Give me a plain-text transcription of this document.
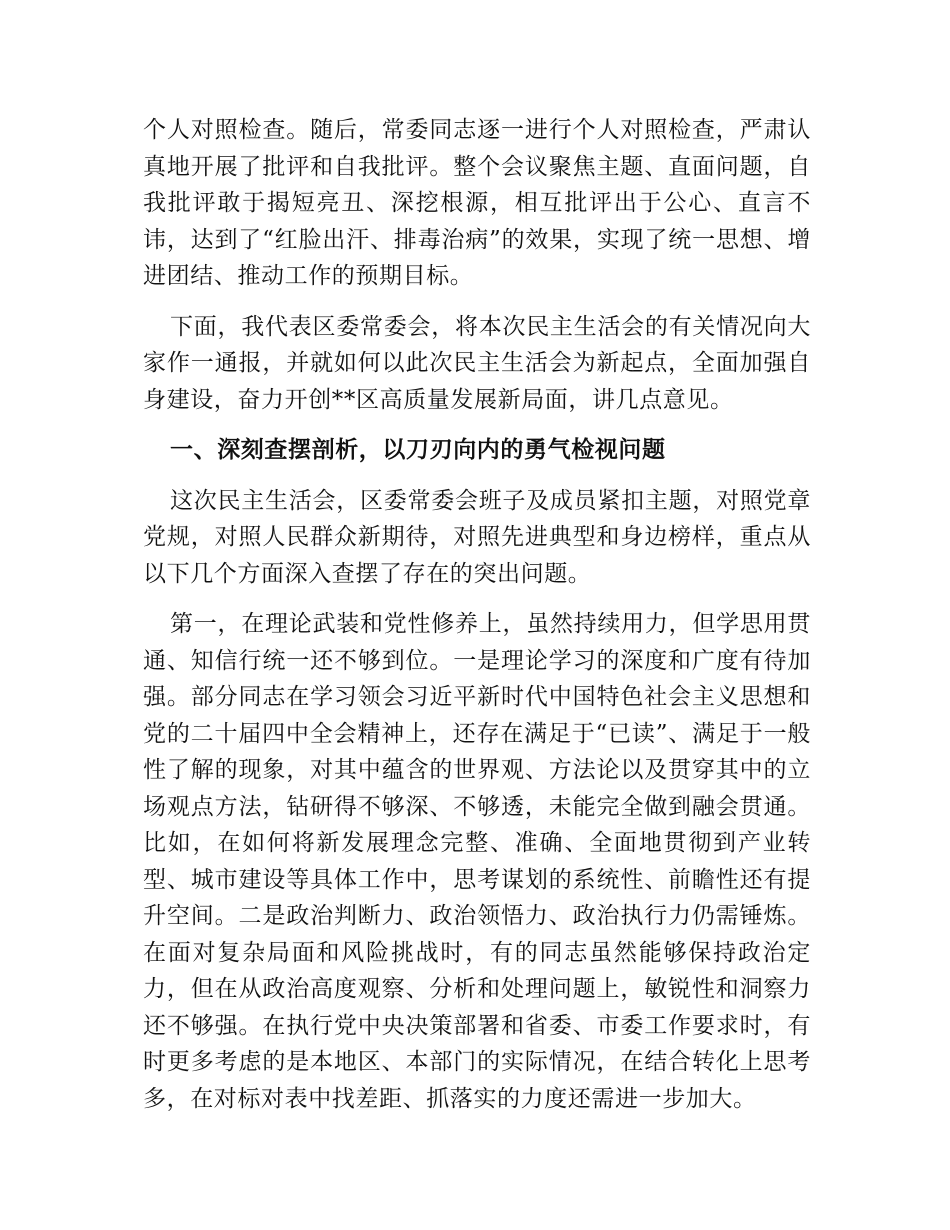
个人对照检查。随后，常委同志逐一进行个人对照检查，严肃认真地开展了批评和自我批评。整个会议聚焦主题、直面问题，自我批评敢于揭短亮丑、深挖根源，相互批评出于公心、直言不讳，达到了“红脸出汗、排毒治病”的效果，实现了统一思想、增进团结、推动工作的预期目标。

下面，我代表区委常委会，将本次民主生活会的有关情况向大家作一通报，并就如何以此次民主生活会为新起点，全面加强自身建设，奋力开创**区高质量发展新局面，讲几点意见。

一、深刻查摆剖析，以刀刃向内的勇气检视问题

这次民主生活会，区委常委会班子及成员紧扣主题，对照党章党规，对照人民群众新期待，对照先进典型和身边榜样，重点从以下几个方面深入查摆了存在的突出问题。

第一，在理论武装和党性修养上，虽然持续用力，但学思用贯通、知信行统一还不够到位。一是理论学习的深度和广度有待加强。部分同志在学习领会习近平新时代中国特色社会主义思想和党的二十届四中全会精神上，还存在满足于“已读”、满足于一般性了解的现象，对其中蕴含的世界观、方法论以及贯穿其中的立场观点方法，钻研得不够深、不够透，未能完全做到融会贯通。比如，在如何将新发展理念完整、准确、全面地贯彻到产业转型、城市建设等具体工作中，思考谋划的系统性、前瞻性还有提升空间。二是政治判断力、政治领悟力、政治执行力仍需锤炼。在面对复杂局面和风险挑战时，有的同志虽然能够保持政治定力，但在从政治高度观察、分析和处理问题上，敏锐性和洞察力还不够强。在执行党中央决策部署和省委、市委工作要求时，有时更多考虑的是本地区、本部门的实际情况，在结合转化上思考多，在对标对表中找差距、抓落实的力度还需进一步加大。
